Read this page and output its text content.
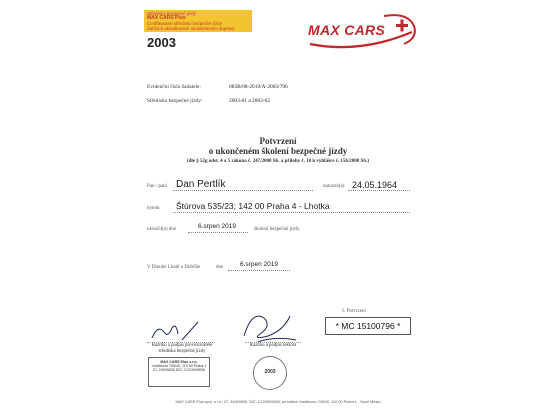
Středisko bezpečné jízdy
MAX CARS Plus
Certifikované středisko bezpečné jízdy
Zařízení akreditované ministerstvem dopravy
2003
MAX CARS
Evidenční číslo žadatele:	083B/08-2019/A-2003/796
Středisko bezpečné jízdy:	2003-01 a 2003-02
Potvrzení
o ukončeném školení bezpečné jízdy
(dle § 52g odst. 4 a 5 zákona č. 247/2000 Sb. a přílohy č. 10 k vyhlášce č. 156/2008 Sb.)
Pan / paní Dan Pertlík	narozen(a) 24.05.1964
bytem Štúrova 535/23; 142 00 Praha 4 - Lhotka
ukončil(a) dne	6.srpen 2019	školení bezpečné jízdy.
V Dlouhé Lhotě u Dobříše	dne	6.srpen 2019
č. Potvrzení
* MC 15100796 *
Razítko a podpis provozovatele
střediska bezpečné jízdy
Razítko a podpis lektora
MAX CARS Plus s.r.o.
Vodičkova 706/40, 110 00 Praha 1
IČ: 24009836 DIČ: CZ24009836	2003
MAX CARS Plus spol. s r.o., IČ: 24009836, DIČ: CZ24009836, se sídlem Vodičkova 706/40, 110 00 Praha 1 - Nové Město
